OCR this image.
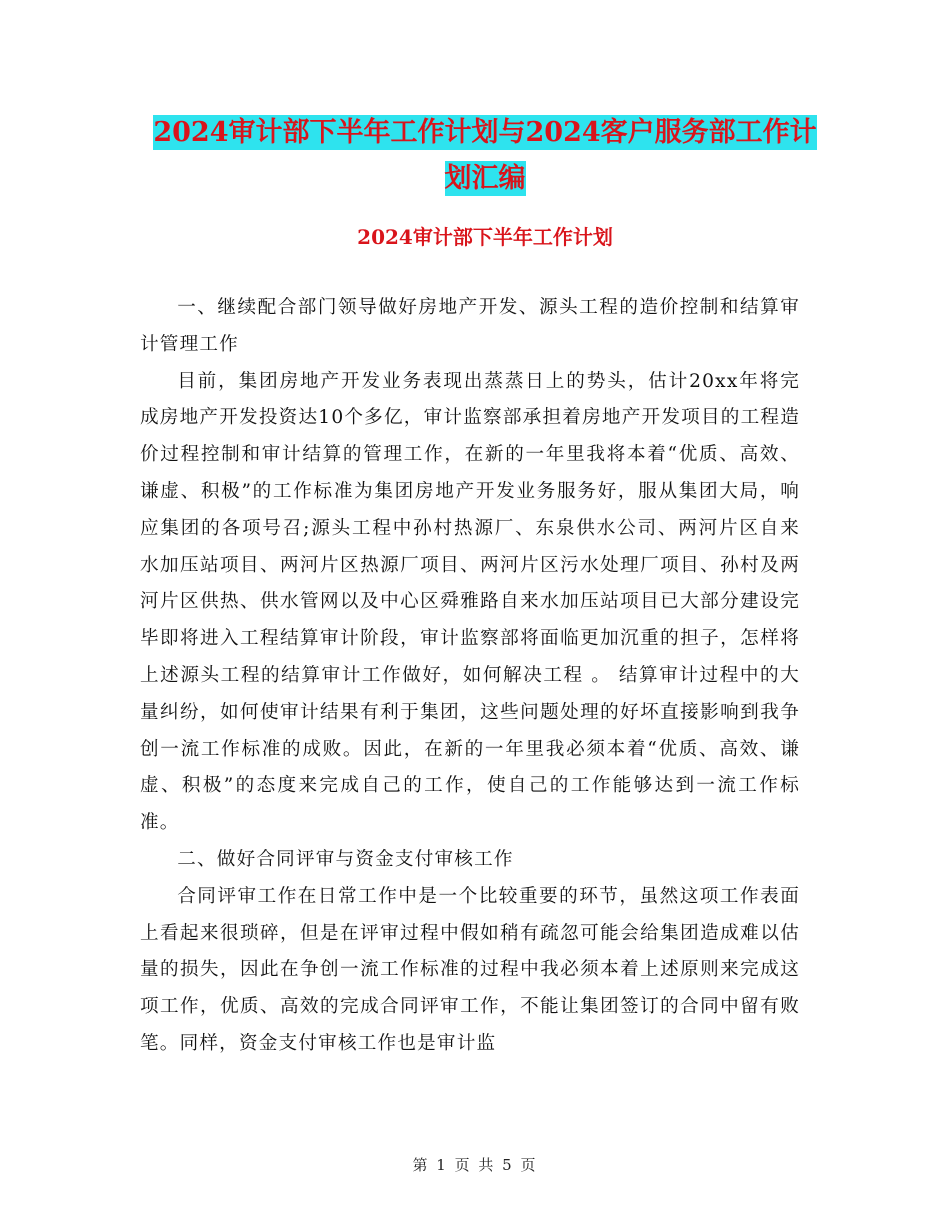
2024审计部下半年工作计划与2024客户服务部工作计划汇编
2024审计部下半年工作计划

一、继续配合部门领导做好房地产开发、源头工程的造价控制和结算审计管理工作

目前，集团房地产开发业务表现出蒸蒸日上的势头，估计20xx年将完成房地产开发投资达10个多亿，审计监察部承担着房地产开发项目的工程造价过程控制和审计结算的管理工作，在新的一年里我将本着“优质、高效、谦虚、积极”的工作标准为集团房地产开发业务服务好，服从集团大局，响应集团的各项号召;源头工程中孙村热源厂、东泉供水公司、两河片区自来水加压站项目、两河片区热源厂项目、两河片区污水处理厂项目、孙村及两河片区供热、供水管网以及中心区舜雅路自来水加压站项目已大部分建设完毕即将进入工程结算审计阶段，审计监察部将面临更加沉重的担子，怎样将上述源头工程的结算审计工作做好，如何解决工程 。 结算审计过程中的大量纠纷，如何使审计结果有利于集团，这些问题处理的好坏直接影响到我争创一流工作标准的成败。因此，在新的一年里我必须本着“优质、高效、谦虚、积极”的态度来完成自己的工作，使自己的工作能够达到一流工作标准。

二、做好合同评审与资金支付审核工作

合同评审工作在日常工作中是一个比较重要的环节，虽然这项工作表面上看起来很琐碎，但是在评审过程中假如稍有疏忽可能会给集团造成难以估量的损失，因此在争创一流工作标准的过程中我必须本着上述原则来完成这项工作，优质、高效的完成合同评审工作，不能让集团签订的合同中留有败笔。同样，资金支付审核工作也是审计监

第 1 页 共 5 页
